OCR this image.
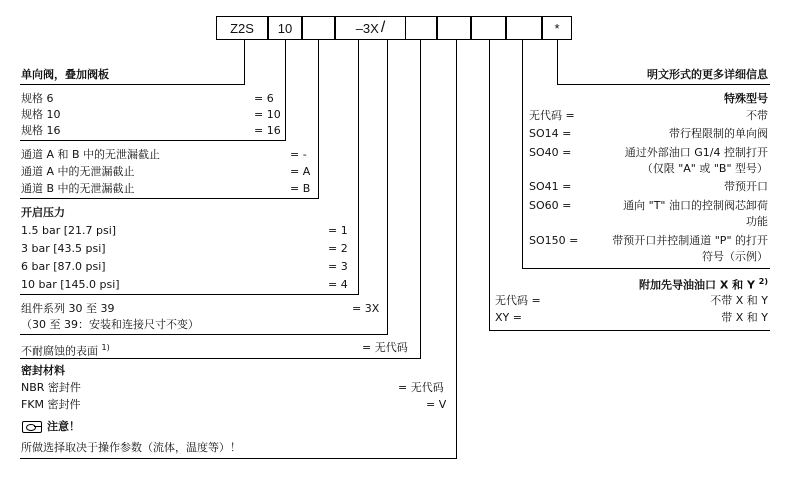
Z2S	10	–3X /	*
单向阀，叠加阀板
规格 6	= 6
规格 10	= 10
规格 16	= 16
通道 A 和 B 中的无泄漏截止	= -
通道 A 中的无泄漏截止	= A
通道 B 中的无泄漏截止	= B
开启压力
1.5 bar [21.7 psi]	= 1
3 bar [43.5 psi]	= 2
6 bar [87.0 psi]	= 3
10 bar [145.0 psi]	= 4
组件系列 30 至 39	= 3X
（30 至 39：安装和连接尺寸不变）
不耐腐蚀的表面 $^{1)}$	= 无代码
密封材料
NBR 密封件	= 无代码
FKM 密封件	= V
注意！
所做选择取决于操作参数（流体，温度等）！
明文形式的更多详细信息
特殊型号
无代码 =	不带
SO14 =	带行程限制的单向阀
SO40 =	通过外部油口 G1/4 控制打开
（仅限 "A" 或 "B" 型号）
SO41 =	带预开口
SO60 =	通向 "T" 油口的控制阀芯卸荷
功能
SO150 =	带预开口并控制通道 "P" 的打开
符号（示例）
附加先导油油口 X 和 Y $^{2)}$
无代码 =	不带 X 和 Y
XY =	带 X 和 Y
